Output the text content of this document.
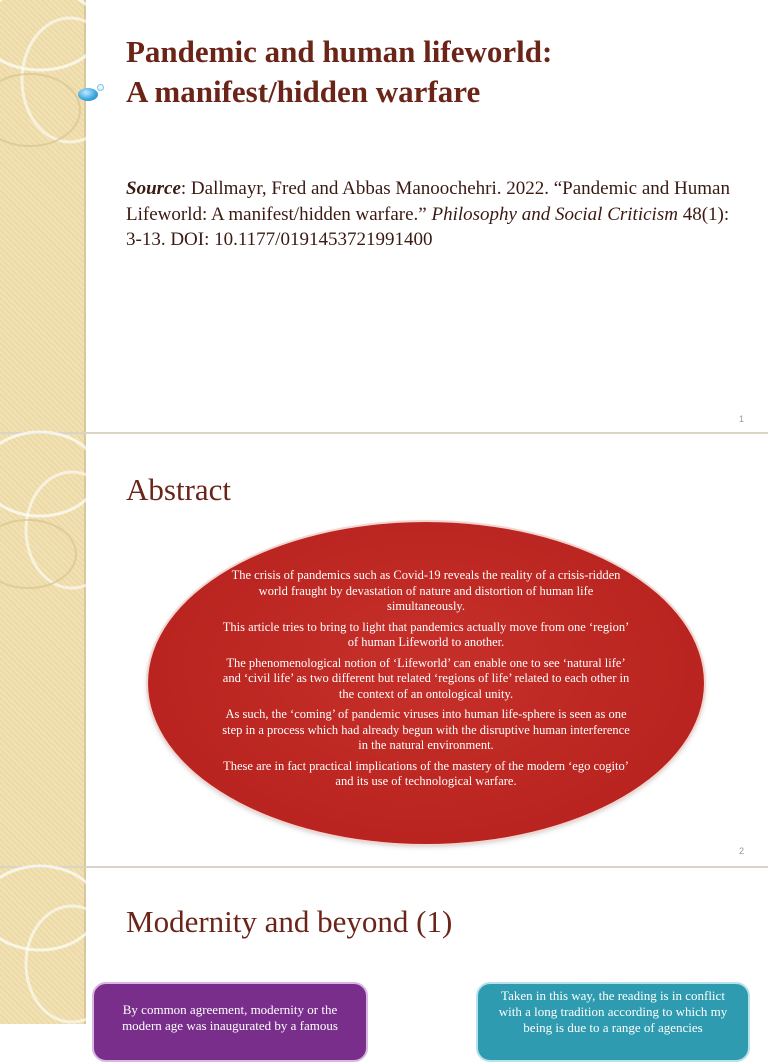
Pandemic and human lifeworld:
A manifest/hidden warfare
Source: Dallmayr, Fred and Abbas Manoochehri. 2022. “Pandemic and Human Lifeworld: A manifest/hidden warfare.” Philosophy and Social Criticism 48(1): 3-13. DOI: 10.1177/0191453721991400
1
Abstract

The crisis of pandemics such as Covid-19 reveals the reality of a crisis-ridden world fraught by devastation of nature and distortion of human life simultaneously.

This article tries to bring to light that pandemics actually move from one ‘region’ of human Lifeworld to another.

The phenomenological notion of ‘Lifeworld’ can enable one to see ‘natural life’ and ‘civil life’ as two different but related ‘regions of life’ related to each other in the context of an ontological unity.

As such, the ‘coming’ of pandemic viruses into human life-sphere is seen as one step in a process which had already begun with the disruptive human interference in the natural environment.

These are in fact practical implications of the mastery of the modern ‘ego cogito’ and its use of technological warfare.

2
Modernity and beyond (1)
By common agreement, modernity or the modern age was inaugurated by a famous
Taken in this way, the reading is in conflict with a long tradition according to which my being is due to a range of agencies
